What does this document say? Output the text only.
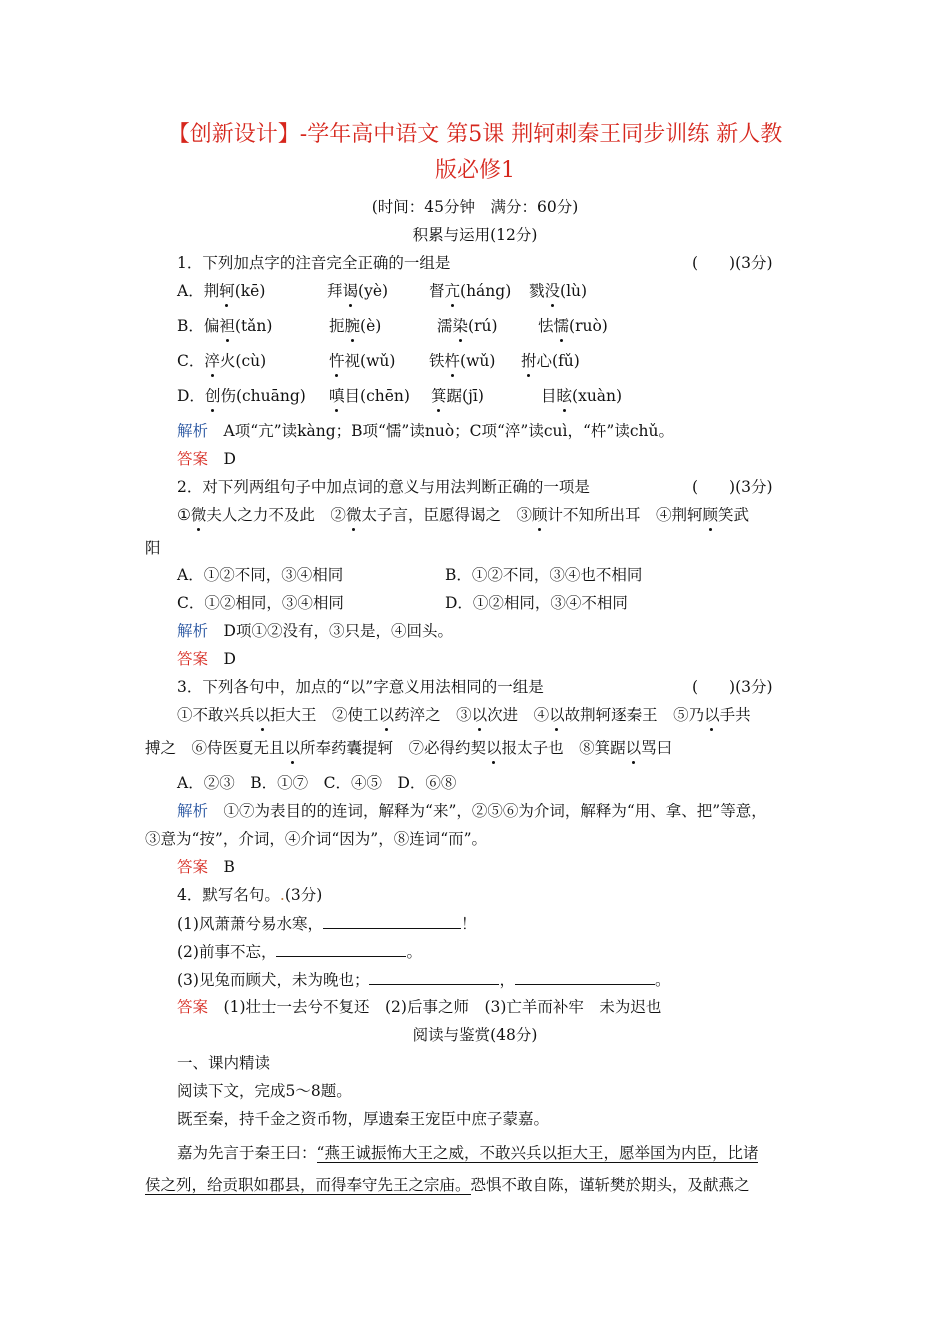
【创新设计】-学年高中语文 第5课 荆轲刺秦王同步训练 新人教
版必修1
(时间：45分钟　满分：60分)
积累与运用(12分)
1．下列加点字的注音完全正确的一组是	(　　)(3分)
A．荆轲(kē)	拜谒(yè)	督亢(háng) 戮没(lù)
B．偏袒(tǎn)	扼腕(è)	濡染(rú)	怯懦(ruò)
C．淬火(cù)	忤视(wǔ) 铁杵(wǔ) 拊心(fǔ)
D．创伤(chuāng) 嗔目(chēn) 箕踞(jī)	目眩(xuàn)
解析　 A项“亢”读kàng；B项“懦”读nuò；C项“淬”读cuì，“杵”读chǔ。
答案　 D
2．对下列两组句子中加点词的意义与用法判断正确的一项是	(　　)(3分)
①微夫人之力不及此　②微太子言，臣愿得谒之　③顾计不知所出耳　④荆轲顾笑武
阳
A．①②不同，③④相同	B．①②不同，③④也不相同
C．①②相同，③④相同	D．①②相同，③④不相同
解析　 D项①②没有，③只是，④回头。
答案　 D
3．下列各句中，加点的“以”字意义用法相同的一组是	(　　)(3分)
①不敢兴兵以拒大王　②使工以药淬之　③以次进　④以故荆轲逐秦王　⑤乃以手共
搏之　⑥侍医夏无且以所奉药囊提轲　⑦必得约契以报太子也　⑧箕踞以骂曰
A．②③　B．①⑦　C．④⑤　D．⑥⑧
解析　 ①⑦为表目的的连词，解释为“来”，②⑤⑥为介词，解释为“用、拿、把”等意，
③意为“按”，介词，④介词“因为”，⑧连词“而”。
答案　 B
4．默写名句。.(3分)
(1)风萧萧兮易水寒，	！
(2)前事不忘，	。
(3)见兔而顾犬，未为晚也；	，	。
答案　 (1)壮士一去兮不复还　(2)后事之师　(3)亡羊而补牢　未为迟也
阅读与鉴赏(48分)
一、课内精读
阅读下文，完成5～8题。
既至秦，持千金之资币物，厚遗秦王宠臣中庶子蒙嘉。
嘉为先言于秦王曰：“燕王诚振怖大王之威，不敢兴兵以拒大王，愿举国为内臣，比诸
侯之列，给贡职如郡县，而得奉守先王之宗庙。恐惧不敢自陈，谨斩樊於期头，及献燕之
